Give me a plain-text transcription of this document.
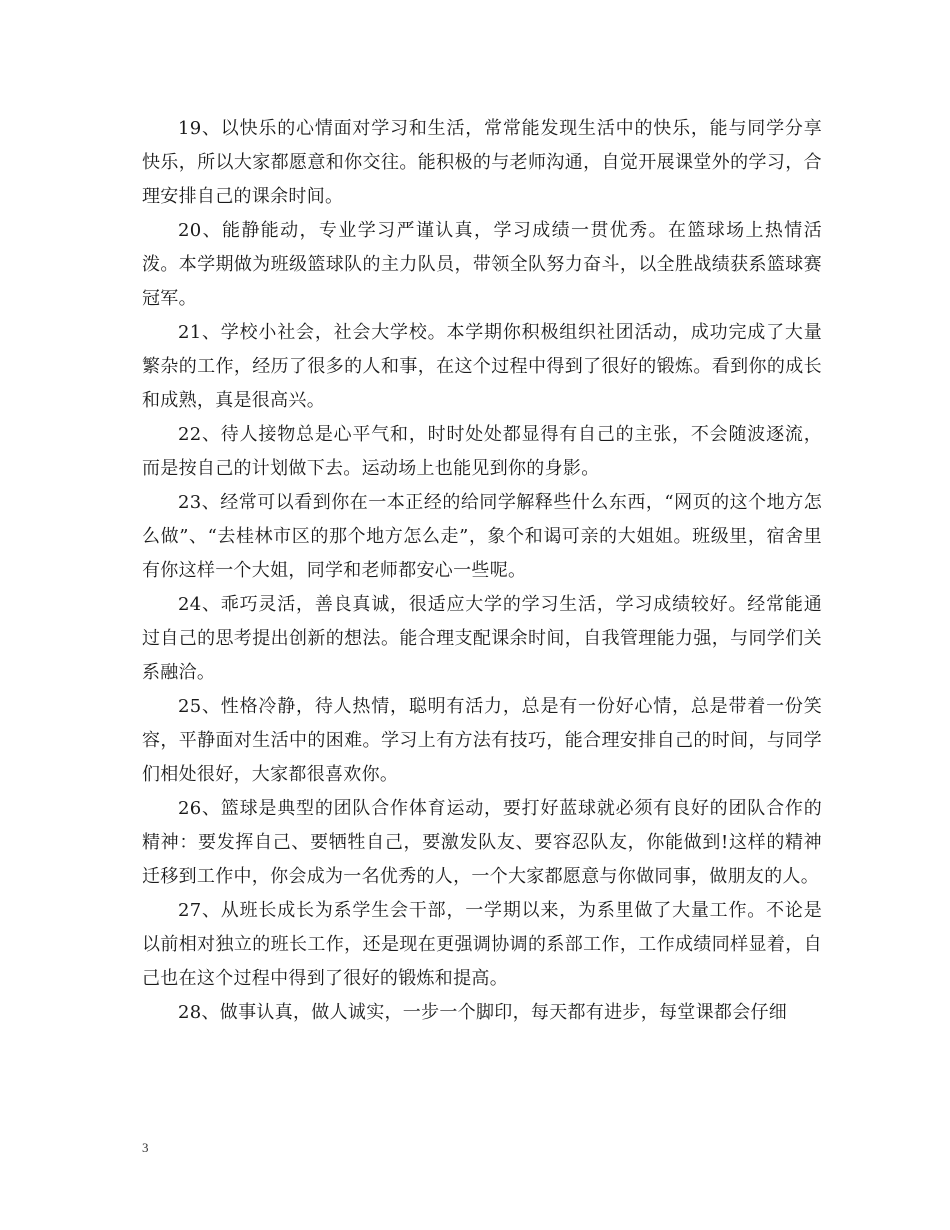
19、以快乐的心情面对学习和生活，常常能发现生活中的快乐，能与同学分享快乐，所以大家都愿意和你交往。能积极的与老师沟通，自觉开展课堂外的学习，合理安排自己的课余时间。

20、能静能动，专业学习严谨认真，学习成绩一贯优秀。在篮球场上热情活泼。本学期做为班级篮球队的主力队员，带领全队努力奋斗，以全胜战绩获系篮球赛冠军。

21、学校小社会，社会大学校。本学期你积极组织社团活动，成功完成了大量繁杂的工作，经历了很多的人和事，在这个过程中得到了很好的锻炼。看到你的成长和成熟，真是很高兴。

22、待人接物总是心平气和，时时处处都显得有自己的主张，不会随波逐流，而是按自己的计划做下去。运动场上也能见到你的身影。

23、经常可以看到你在一本正经的给同学解释些什么东西，“网页的这个地方怎么做”、“去桂林市区的那个地方怎么走”，象个和谒可亲的大姐姐。班级里，宿舍里有你这样一个大姐，同学和老师都安心一些呢。

24、乖巧灵活，善良真诚，很适应大学的学习生活，学习成绩较好。经常能通过自己的思考提出创新的想法。能合理支配课余时间，自我管理能力强，与同学们关系融洽。

25、性格冷静，待人热情，聪明有活力，总是有一份好心情，总是带着一份笑容，平静面对生活中的困难。学习上有方法有技巧，能合理安排自己的时间，与同学们相处很好，大家都很喜欢你。

26、篮球是典型的团队合作体育运动，要打好蓝球就必须有良好的团队合作的精神：要发挥自己、要牺牲自己，要激发队友、要容忍队友，你能做到!这样的精神迁移到工作中，你会成为一名优秀的人，一个大家都愿意与你做同事，做朋友的人。

27、从班长成长为系学生会干部，一学期以来，为系里做了大量工作。不论是以前相对独立的班长工作，还是现在更强调协调的系部工作，工作成绩同样显着，自己也在这个过程中得到了很好的锻炼和提高。

28、做事认真，做人诚实，一步一个脚印，每天都有进步，每堂课都会仔细

3
